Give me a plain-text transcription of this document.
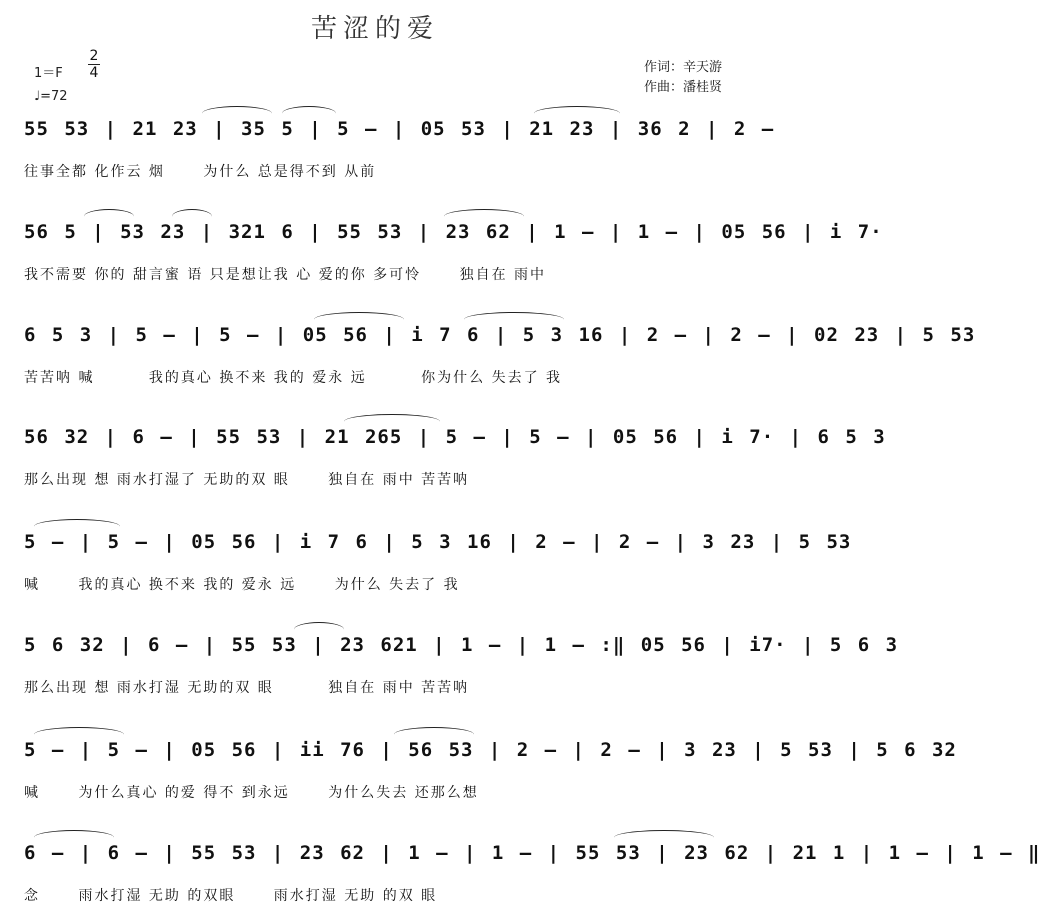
苦涩的爱
1＝F
2
4
♩=72
作词：辛天游
作曲：潘桂贤
55 53 | 21 23 | 35 5 | 5 — | 05 53 | 21 23 | 36 2 | 2 —
往事全都 化作云 烟　　 为什么 总是得不到 从前
56 5 | 53 23 | 321 6 | 55 53 | 23 62 | 1 — | 1 — | 05 56 | i 7·
我不需要 你的 甜言蜜 语 只是想让我 心 爱的你 多可怜　　 独自在 雨中
6 5 3 | 5 — | 5 — | 05 56 | i 7 6 | 5 3 16 | 2 — | 2 — | 02 23 | 5 53
苦苦呐 喊　　　 我的真心 换不来 我的 爱永 远　　　 你为什么 失去了 我
56 32 | 6 — | 55 53 | 21 265 | 5 — | 5 — | 05 56 | i 7· | 6 5 3
那么出现 想 雨水打湿了 无助的双 眼　　 独自在 雨中 苦苦呐
5 — | 5 — | 05 56 | i 7 6 | 5 3 16 | 2 — | 2 — | 3 23 | 5 53
喊　　 我的真心 换不来 我的 爱永 远　　 为什么 失去了 我
5 6 32 | 6 — | 55 53 | 23 621 | 1 — | 1 — :‖ 05 56 | i7· | 5 6 3
那么出现 想 雨水打湿 无助的双 眼　　　 独自在 雨中 苦苦呐
5 — | 5 — | 05 56 | ii 76 | 56 53 | 2 — | 2 — | 3 23 | 5 53 | 5 6 32
喊　　 为什么真心 的爱 得不 到永远　　 为什么失去 还那么想
6 — | 6 — | 55 53 | 23 62 | 1 — | 1 — | 55 53 | 23 62 | 21 1 | 1 — | 1 — ‖
念　　 雨水打湿 无助 的双眼　　 雨水打湿 无助 的双 眼
